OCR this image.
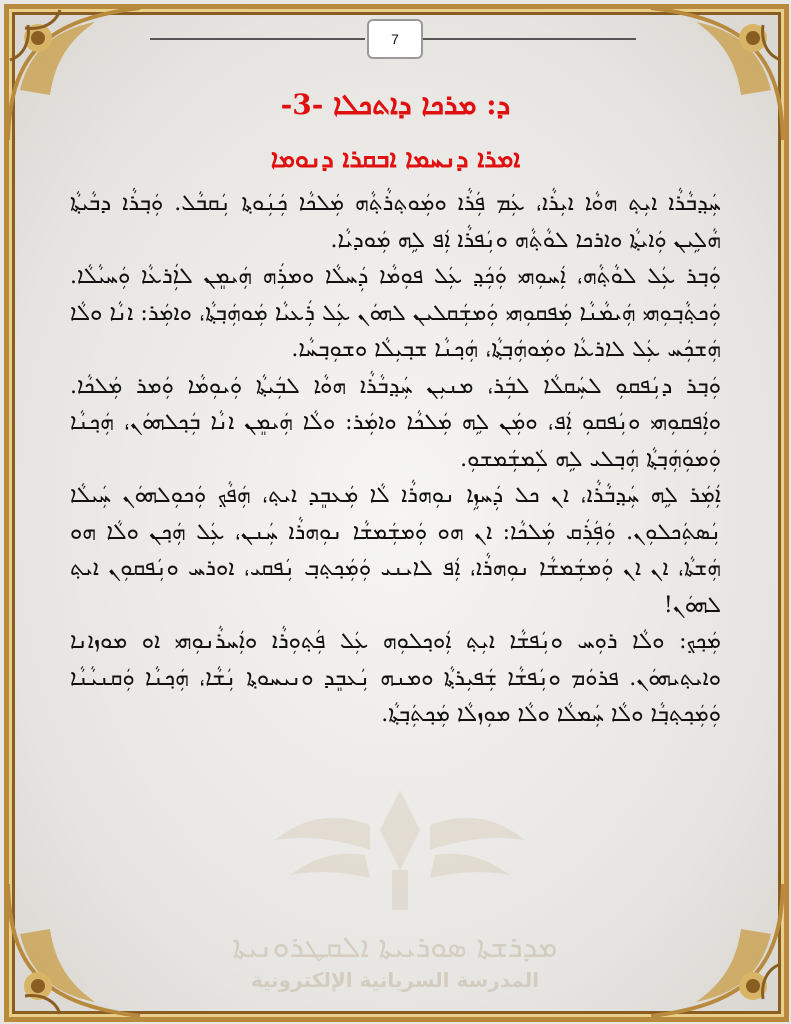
7
ܕ: ܡܪܟܐ ܕܐܬܟܠܐ -3-
ܐܡܪܐ ܕܢܚܡܐ ܐܒܩܪܐ ܕܢܘܡܐ
ܡܕܪܫܬܐ ܣܘܪܝܝܬܐ ܐܠܩܛܪܘܢܝܬܐ
المدرسة السريانية الإلكترونية

ܚܲܕ݂ܒܵܪܵܐ ܐܝܼܬ݂ ܗܘܵܐ ܐܝܼܪܵܐ، ܥܲܡ ܦܲܪܵܐ ܘܡܲܘܬ݂ܪܵܬ݂ܵܗ ܡܲܠܟܵܐ ܟܲܢܲܘܬ݂ܐ ܢܲܩܒܵܠ. ܘܲܒ݂ܪܵܐ ܕܒܵܝܬ݂ܵܐ ܗܵܠܹܝܢ ܘܲܐܝܬ݂ܵܐ ܘܐܪܟܐ ܠܘܵܬ݂ܵܗ ܘܢܲܦܪܵܐ ܐܲܦ ܠܹܗ ܡܲܘܕܝܵܐ.

ܘܲܒ݂ܪ ܥܲܠ ܠܘܵܬ݂ܵܗ، ܐܲܚܘܼܗܝ ܘܲܟܲܕ݂ ܥܲܠ ܦܘܼܡܵܐ ܕܲܚܠܵܐ ܘܡܪܲܗ ܗܲܝܡܸܢ ܠܐܲܪܥܵܐ ܘܲܚܝܵܠܵܐ. ܘܲܟܬ݂ܵܒ݂ܘܼܗܝ ܗܲܝܡܵܢܵܐ ܡܲܦܩܘܼܗܝ ܘܲܡܫܲܩܠܝܢ ܠܗܘܿܢ ܥܲܠ ܪܲܥܝܵܐ ܡܲܘܗܲܒ݂ܬ݂ܵܐ، ܘܐܡܲܪ: ܐܢܵܐ ܘܠܵܐ ܗܲܫܟܲܚ ܥܲܠ ܠܐܪܥܵܐ ܘܡܲܘܗܲܒ݂ܬ݂ܵܐ، ܗܲܟ݂ܢܵܐ ܫܒ݂ܝܼܠܵܐ ܘܫܘܼܒ݂ܚܵܐ.

ܘܲܒ݂ܪ ܕܢܲܦܩܘܼ ܠܚܲܩܠܵܐ ܠܒܲܪ، ܡܢܝܼܢ ܚܲܕ݂ܒܵܪܵܐ ܗܘܵܐ ܠܒܲܝܬ݂ܵܐ ܘܲܝܘܼܡܵܐ ܘܲܡܪ ܡܲܠܟܵܐ. ܘܐܲܦܩܘܼܗܝ ܘܢܲܦܩܘܼ ܐܲܦ، ܘܡܲܢ ܠܹܗ ܡܲܠܟܵܐ ܘܐܡܲܪ: ܘܠܵܐ ܗܲܝܡܸܢ ܐܢܵܐ ܒܲܟ݂ܠܗܘܿܢ، ܗܲܟ݂ܢܵܐ ܘܲܡܘܲܗܲܒ݂ܬ݂ܵܐ ܗܲܒ݂ܠܝ ܠܹܗ ܠܲܡܫܲܡܫܘܼ.

ܐܲܡܲܪ ܠܹܗ ܚܲܕ݂ܒܵܪܵܐ، ܐܢ ܟܠ ܕܲܚܙܹܐ ܢܘܼܗܪܵܐ ܠܵܐ ܡܲܥܒܸܕ ܐܝܬ݂، ܗܲܦܵܟ݂ ܘܲܟܘܼܠܗܘܿܢ ܚܲܝܠܵܐ ܢܲܣܬܲܟܠܘܼܢ. ܘܲܦܲܪܲܩ ܡܲܠܟܵܐ: ܐܢ ܗܘ ܘܲܡܫܲܡܫܵܐ ܢܘܼܗܪܵܐ ܚܲܢܢ، ܥܲܠ ܗܲܟ݂ܢ ܘܠܵܐ ܗܘ ܗܲܫܬܵܐ، ܐܢ ܐܢ ܘܲܡܫܲܡܫܵܐ ܢܘܼܗܪܵܐ، ܐܲܦ ܠܐܝܢܝ ܘܲܡܲܟ݂ܬ݂ܒ݂ ܢܲܦܩܝ، ܐܘܪܚ ܘܢܲܦܩܘܼܢ ܐܝܬ݂ ܠܗܘܿܢ!

ܡܲܟ݂ܟ݂: ܘܠܵܐ ܪܘܼܚ ܘܢܲܦܫܵܐ ܐܝܼܬ݂ ܐܲܘܟ݂ܠܘܼܗ ܥܲܠ ܦܲܬ݂ܘܼܪܵܐ ܘܐܲܚܪܵܢܘܼܗܝ ܐܘ ܡܘܙܐܢܐ ܘܐܝܬ݂ܝܗܘܿܢ. ܦܪܘܿܡ ܘܢܲܦܫܵܐ ܫܲܦܝܼܪܬ݂ܵܐ ܘܡܢܗ ܢܲܥܒܸܕ ܘܢܝܚܘܬ݂ܐ ܢܲܫܵܐ، ܗܲܟ݂ܢܵܐ ܘܲܩܢܝܵܢܵܐ ܘܲܡܲܟ݂ܬ݂ܒ݂ܵܐ ܘܠܵܐ ܚܲܡܠܵܐ ܘܠܵܐ ܡܘܼܙܠܵܐ ܡܲܟ݂ܬܲܒ݂ܬ݂ܵܐ.
